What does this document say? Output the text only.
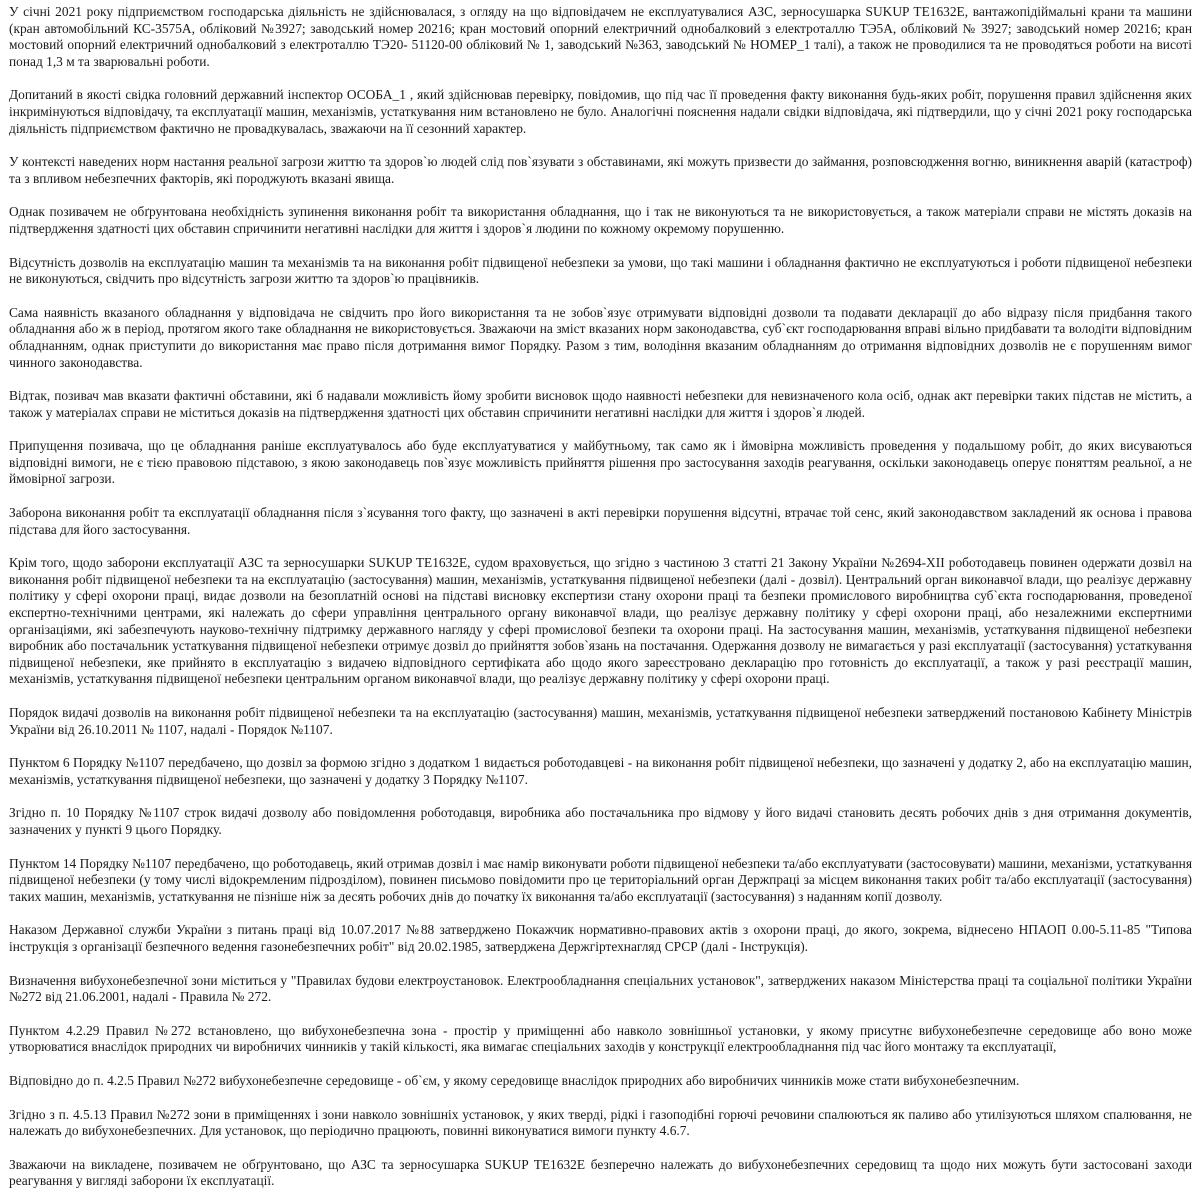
У січні 2021 року підприємством господарська діяльність не здійснювалася, з огляду на що відповідачем не експлуатувалися АЗС, зерносушарка SUKUP TE1632E, вантажопідіймальні крани та машини (кран автомобільний КС-3575А, обліковий №3927; заводський номер 20216; кран мостовий опорний електричний однобалковий з електроталлю ТЭ5А, обліковий № 3927; заводський номер 20216; кран мостовий опорний електричний однобалковий з електроталлю ТЭ20- 51120-00 обліковий № 1, заводський №363, заводський № НОМЕР_1 талі), а також не проводилися та не проводяться роботи на висоті понад 1,3 м та зварювальні роботи.

Допитаний в якості свідка головний державний інспектор ОСОБА_1 , який здійснював перевірку, повідомив, що під час її проведення факту виконання будь-яких робіт, порушення правил здійснення яких інкримінуються відповідачу, та експлуатації машин, механізмів, устаткування ним встановлено не було. Аналогічні пояснення надали свідки відповідача, які підтвердили, що у січні 2021 року господарська діяльність підприємством фактично не провадкувалась, зважаючи на її сезонний характер.

У контексті наведених норм настання реальної загрози життю та здоров`ю людей слід пов`язувати з обставинами, які можуть призвести до займання, розповсюдження вогню, виникнення аварій (катастроф) та з впливом небезпечних факторів, які породжують вказані явища.

Однак позивачем не обґрунтована необхідність зупинення виконання робіт та використання обладнання, що і так не виконуються та не використовується, а також матеріали справи не містять доказів на підтвердження здатності цих обставин спричинити негативні наслідки для життя і здоров`я людини по кожному окремому порушенню.

Відсутність дозволів на експлуатацію машин та механізмів та на виконання робіт підвищеної небезпеки за умови, що такі машини і обладнання фактично не експлуатуються і роботи підвищеної небезпеки не виконуються, свідчить про відсутність загрози життю та здоров`ю працівників.

Сама наявність вказаного обладнання у відповідача не свідчить про його використання та не зобов`язує отримувати відповідні дозволи та подавати декларації до або відразу після придбання такого обладнання або ж в період, протягом якого таке обладнання не використовується. Зважаючи на зміст вказаних норм законодавства, суб`єкт господарювання вправі вільно придбавати та володіти відповідним обладнанням, однак приступити до використання має право після дотримання вимог Порядку. Разом з тим, володіння вказаним обладнанням до отримання відповідних дозволів не є порушенням вимог чинного законодавства.

Відтак, позивач мав вказати фактичні обставини, які б надавали можливість йому зробити висновок щодо наявності небезпеки для невизначеного кола осіб, однак акт перевірки таких підстав не містить, а також у матеріалах справи не міститься доказів на підтвердження здатності цих обставин спричинити негативні наслідки для життя і здоров`я людей.

Припущення позивача, що це обладнання раніше експлуатувалось або буде експлуатуватися у майбутньому, так само як і ймовірна можливість проведення у подальшому робіт, до яких висуваються відповідні вимоги, не є тією правовою підставою, з якою законодавець пов`язує можливість прийняття рішення про застосування заходів реагування, оскільки законодавець оперує поняттям реальної, а не ймовірної загрози.

Заборона виконання робіт та експлуатації обладнання після з`ясування того факту, що зазначені в акті перевірки порушення відсутні, втрачає той сенс, який законодавством закладений як основа і правова підстава для його застосування.

Крім того, щодо заборони експлуатації АЗС та зерносушарки SUKUP TE1632E, судом враховується, що згідно з частиною 3 статті 21 Закону України №2694-XII роботодавець повинен одержати дозвіл на виконання робіт підвищеної небезпеки та на експлуатацію (застосування) машин, механізмів, устаткування підвищеної небезпеки (далі - дозвіл). Центральний орган виконавчої влади, що реалізує державну політику у сфері охорони праці, видає дозволи на безоплатній основі на підставі висновку експертизи стану охорони праці та безпеки промислового виробництва суб`єкта господарювання, проведеної експертно-технічними центрами, які належать до сфери управління центрального органу виконавчої влади, що реалізує державну політику у сфері охорони праці, або незалежними експертними організаціями, які забезпечують науково-технічну підтримку державного нагляду у сфері промислової безпеки та охорони праці. На застосування машин, механізмів, устаткування підвищеної небезпеки виробник або постачальник устаткування підвищеної небезпеки отримує дозвіл до прийняття зобов`язань на постачання. Одержання дозволу не вимагається у разі експлуатації (застосування) устаткування підвищеної небезпеки, яке прийнято в експлуатацію з видачею відповідного сертифіката або щодо якого зареєстровано декларацію про готовність до експлуатації, а також у разі реєстрації машин, механізмів, устаткування підвищеної небезпеки центральним органом виконавчої влади, що реалізує державну політику у сфері охорони праці.

Порядок видачі дозволів на виконання робіт підвищеної небезпеки та на експлуатацію (застосування) машин, механізмів, устаткування підвищеної небезпеки затверджений постановою Кабінету Міністрів України від 26.10.2011 № 1107, надалі - Порядок №1107.

Пунктом 6 Порядку №1107 передбачено, що дозвіл за формою згідно з додатком 1 видається роботодавцеві - на виконання робіт підвищеної небезпеки, що зазначені у додатку 2, або на експлуатацію машин, механізмів, устаткування підвищеної небезпеки, що зазначені у додатку 3 Порядку №1107.

Згідно п. 10 Порядку №1107 строк видачі дозволу або повідомлення роботодавця, виробника або постачальника про відмову у його видачі становить десять робочих днів з дня отримання документів, зазначених у пункті 9 цього Порядку.

Пунктом 14 Порядку №1107 передбачено, що роботодавець, який отримав дозвіл і має намір виконувати роботи підвищеної небезпеки та/або експлуатувати (застосовувати) машини, механізми, устаткування підвищеної небезпеки (у тому числі відокремленим підрозділом), повинен письмово повідомити про це територіальний орган Держпраці за місцем виконання таких робіт та/або експлуатації (застосування) таких машин, механізмів, устаткування не пізніше ніж за десять робочих днів до початку їх виконання та/або експлуатації (застосування) з наданням копії дозволу.

Наказом Державної служби України з питань праці від 10.07.2017 №88 затверджено Покажчик нормативно-правових актів з охорони праці, до якого, зокрема, віднесено НПАОП 0.00-5.11-85 "Типова інструкція з організації безпечного ведення газонебезпечних робіт" від 20.02.1985, затверджена Держгіртехнагляд СРСР (далі - Інструкція).

Визначення вибухонебезпечної зони міститься у "Правилах будови електроустановок. Електрообладнання спеціальних установок", затверджених наказом Міністерства праці та соціальної політики України №272 від 21.06.2001, надалі - Правила № 272.

Пунктом 4.2.29 Правил №272 встановлено, що вибухонебезпечна зона - простір у приміщенні або навколо зовнішньої установки, у якому присутнє вибухонебезпечне середовище або воно може утворюватися внаслідок природних чи виробничих чинників у такій кількості, яка вимагає спеціальних заходів у конструкції електрообладнання під час його монтажу та експлуатації,

Відповідно до п. 4.2.5 Правил №272 вибухонебезпечне середовище - об`єм, у якому середовище внаслідок природних або виробничих чинників може стати вибухонебезпечним.

Згідно з п. 4.5.13 Правил №272 зони в приміщеннях і зони навколо зовнішніх установок, у яких тверді, рідкі і газоподібні горючі речовини спалюються як паливо або утилізуються шляхом спалювання, не належать до вибухонебезпечних. Для установок, що періодично працюють, повинні виконуватися вимоги пункту 4.6.7.

Зважаючи на викладене, позивачем не обґрунтовано, що АЗС та зерносушарка SUKUP TE1632E безперечно належать до вибухонебезпечних середовищ та щодо них можуть бути застосовані заходи реагування у вигляді заборони їх експлуатації.
